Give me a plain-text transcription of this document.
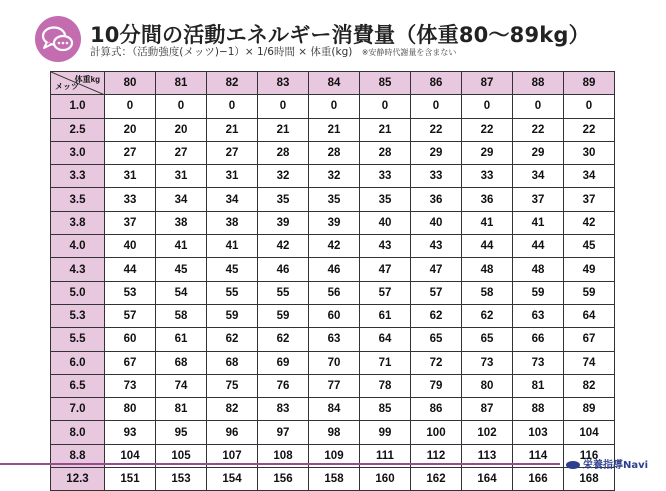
10分間の活動エネルギー消費量（体重80〜89kg）
計算式：（活動強度(メッツ)−1）× 1/6時間 × 体重(kg) ※安静時代謝量を含まない
体重kg
メッツ	80	81	82	83	84	85	86	87	88	89
1.0	0	0	0	0	0	0	0	0	0	0
2.5	20	20	21	21	21	21	22	22	22	22
3.0	27	27	27	28	28	28	29	29	29	30
3.3	31	31	31	32	32	33	33	33	34	34
3.5	33	34	34	35	35	35	36	36	37	37
3.8	37	38	38	39	39	40	40	41	41	42
4.0	40	41	41	42	42	43	43	44	44	45
4.3	44	45	45	46	46	47	47	48	48	49
5.0	53	54	55	55	56	57	57	58	59	59
5.3	57	58	59	59	60	61	62	62	63	64
5.5	60	61	62	62	63	64	65	65	66	67
6.0	67	68	68	69	70	71	72	73	73	74
6.5	73	74	75	76	77	78	79	80	81	82
7.0	80	81	82	83	84	85	86	87	88	89
8.0	93	95	96	97	98	99	100	102	103	104
8.8	104	105	107	108	109	111	112	113	114	116
12.3	151	153	154	156	158	160	162	164	166	168
栄養指導Navi
